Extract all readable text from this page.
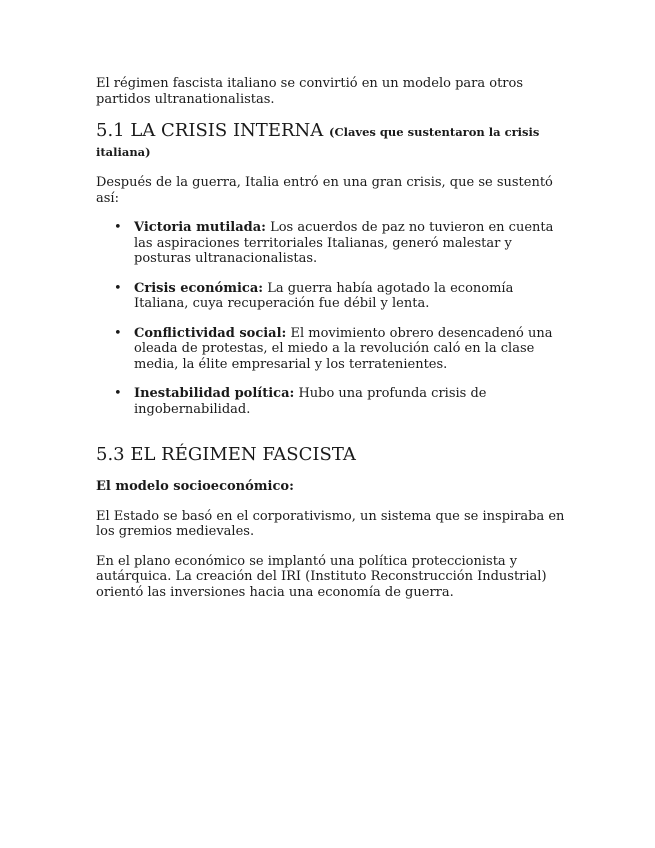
El régimen fascista italiano se convirtió en un modelo para otros partidos ultranationalistas.

5.1 LA CRISIS INTERNA (Claves que sustentaron la crisis italiana)

Después de la guerra, Italia entró en una gran crisis, que se sustentó así:

• Victoria mutilada: Los acuerdos de paz no tuvieron en cuenta las aspiraciones territoriales Italianas, generó malestar y posturas ultranacionalistas.
• Crisis económica: La guerra había agotado la economía Italiana, cuya recuperación fue débil y lenta.
• Conflictividad social: El movimiento obrero desencadenó una oleada de protestas, el miedo a la revolución caló en la clase media, la élite empresarial y los terratenientes.
• Inestabilidad política: Hubo una profunda crisis de ingobernabilidad.
5.3 EL RÉGIMEN FASCISTA

El modelo socioeconómico:

El Estado se basó en el corporativismo, un sistema que se inspiraba en los gremios medievales.

En el plano económico se implantó una política proteccionista y autárquica. La creación del IRI (Instituto Reconstrucción Industrial) orientó las inversiones hacia una economía de guerra.
